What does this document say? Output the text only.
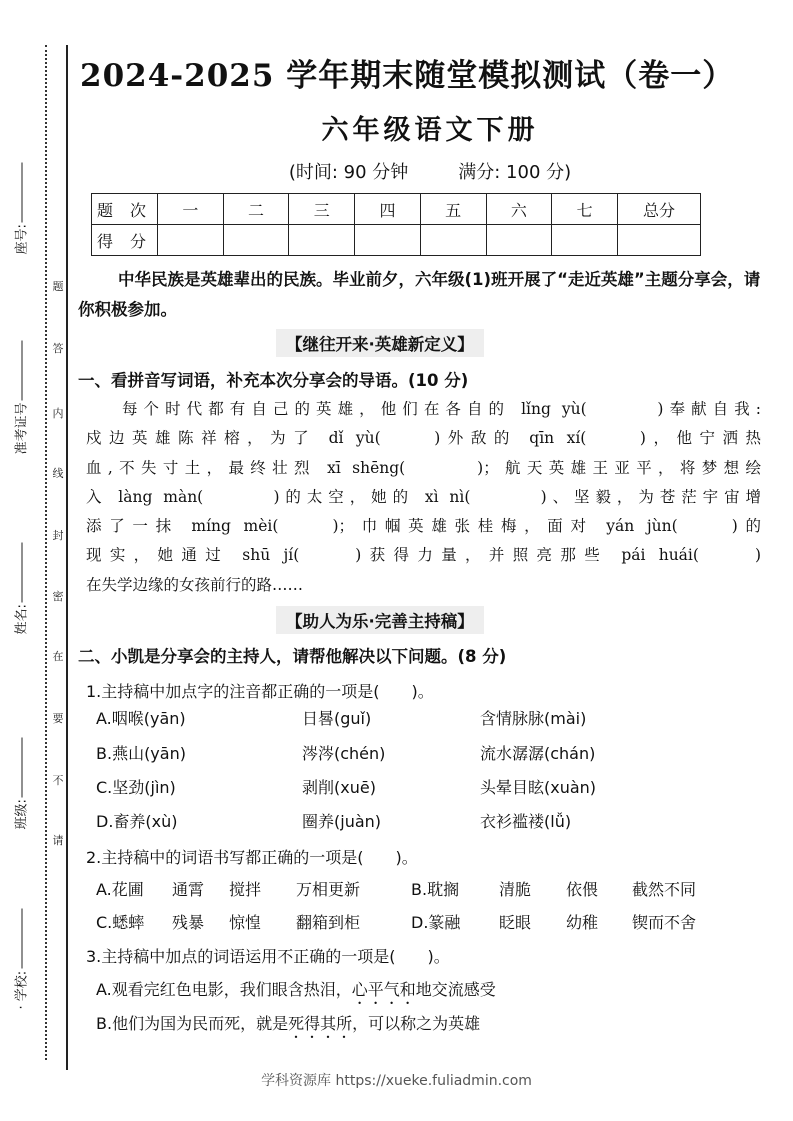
座号:
准考证号
姓名:
班级:
· 学校:
题
答
内
线
封
密
在
要
不
请
2024-2025 学年期末随堂模拟测试（卷一）
六年级语文下册
(时间: 90 分钟	满分: 100 分)
题 次	一	二	三	四	五	六	七	总分
得 分								
中华民族是英雄辈出的民族。毕业前夕，六年级(1)班开展了“走近英雄”主题分享会，请你积极参加。
【继往开来·英雄新定义】
一、看拼音写词语，补充本次分享会的导语。(10 分)
每个时代都有自己的英雄，他们在各自的 lǐng yù(　　　)奉献自我:
戍边英雄陈祥榕，为了 dǐ yù(　　)外敌的 qīn xí(　　)，他宁洒热
血,不失寸土，最终壮烈 xī shēng(　　　)；航天英雄王亚平，将梦想绘
入 làng màn(　　　)的太空，她的 xì nì(　　　)、坚毅，为苍茫宇宙增
添了一抹 míng mèi(　　)；巾帼英雄张桂梅，面对 yán jùn(　　)的
现实，她通过 shū jí(　　)获得力量，并照亮那些 pái huái(　　)
在失学边缘的女孩前行的路……
【助人为乐·完善主持稿】
二、小凯是分享会的主持人，请帮他解决以下问题。(8 分)
1.主持稿中加点字的注音都正确的一项是(　　)。
A.咽喉(yān)	日晷(guǐ)	含情脉脉(mài)
B.燕山(yān)	涔涔(chén)	流水潺潺(chán)
C.坚劲(jìn)	剥削(xuē)	头晕目眩(xuàn)
D.畜养(xù)	圈养(juàn)	衣衫褴褛(lǚ)
2.主持稿中的词语书写都正确的一项是(　　)。
A.花圃 通霄 搅拌 万相更新	B.耽搁 清脆 依偎 截然不同
C.蟋蟀 残暴 惊惶 翻箱到柜	D.篆融 眨眼 幼稚 锲而不舍
3.主持稿中加点的词语运用不正确的一项是(　　)。
A.观看完红色电影，我们眼含热泪，心平气和地交流感受
B.他们为国为民而死，就是死得其所，可以称之为英雄
学科资源库 https://xueke.fuliadmin.com
